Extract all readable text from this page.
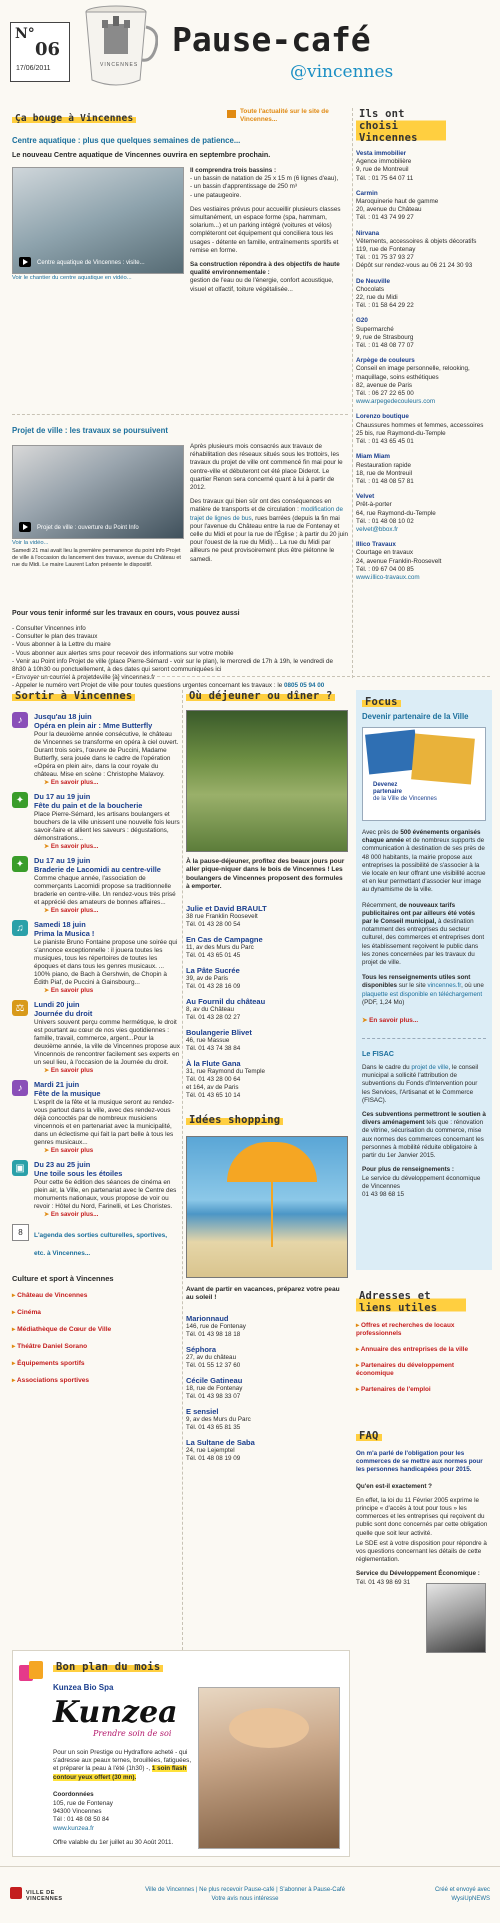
N°
06
17/06/2011	VINCENNES
Pause-café
@vincennes
Ça bouge à Vincennes
Toute l'actualité sur le site de Vincennes...
Centre aquatique : plus que quelques semaines de patience...
Le nouveau Centre aquatique de Vincennes ouvrira en septembre prochain.
Centre aquatique de Vincennes : visite...
Voir le chantier du centre aquatique en vidéo...
Il comprendra trois bassins :
- un bassin de natation de 25 x 15 m (6 lignes d'eau),
- un bassin d'apprentissage de 250 m³
- une pataugeoire.
Des vestiaires prévus pour accueillir plusieurs classes simultanément, un espace forme (spa, hammam, solarium...) et un parking intégré (voitures et vélos) compléteront cet équipement qui conciliera tous les usages - détente en famille, entraînements sportifs et remise en forme.
Sa construction répondra à des objectifs de haute qualité environnementale :
gestion de l'eau ou de l'énergie, confort acoustique, visuel et olfactif, toiture végétalisée...
Projet de ville : les travaux se poursuivent
Projet de ville : ouverture du Point Info
Voir la vidéo...
Samedi 21 mai avait lieu la première permanence du point info Projet de ville à l'occasion du lancement des travaux, avenue du Château et rue du Midi. Le maire Laurent Lafon présente le dispositif.
Après plusieurs mois consacrés aux travaux de réhabilitation des réseaux situés sous les trottoirs, les travaux du projet de ville ont commencé fin mai pour le centre-ville et débuteront cet été place Diderot. Le quartier Renon sera concerné quant à lui à partir de 2012.
Des travaux qui bien sûr ont des conséquences en matière de transports et de circulation : modification de trajet de lignes de bus, rues barrées (depuis la fin mai pour l'avenue du Château entre la rue de Fontenay et celle du Midi et pour la rue de l'Église ; à partir du 20 juin pour l'ouest de la rue du Midi)... La rue du Midi par ailleurs ne peut provisoirement plus être piétonne le samedi.
Pour vous tenir informé sur les travaux en cours, vous pouvez aussi
- Consulter Vincennes info
- Consulter le plan des travaux
- Vous abonner à la Lettre du maire
- Vous abonner aux alertes sms pour recevoir des informations sur votre mobile
- Venir au Point info Projet de ville (place Pierre-Sémard - voir sur le plan), le mercredi de 17h à 19h, le vendredi de 8h30 à 10h30 ou ponctuellement, à des dates qui seront communiquées ici
- Envoyer un courriel à projetdeville [à] vincennes.fr
- Appeler le numéro vert Projet de ville pour toutes questions urgentes concernant les travaux : le 0805 05 94 00
Ils ont choisi Vincennes
Vesta immobilier
Agence immobilière
9, rue de Montreuil
Tél. : 01 75 64 07 11
Carmin
Maroquinerie haut de gamme
20, avenue du Château
Tél. : 01 43 74 99 27
Nirvana
Vêtements, accessoires & objets décoratifs
119, rue de Fontenay
Tél. : 01 75 37 93 27
Dépôt sur rendez-vous au 06 21 24 30 93
De Neuville
Chocolats
22, rue du Midi
Tél. : 01 58 64 29 22
G20
Supermarché
9, rue de Strasbourg
Tél. : 01 48 08 77 07
Arpège de couleurs
Conseil en image personnelle, relooking, maquillage, soins esthétiques
82, avenue de Paris
Tél. : 06 27 22 65 00
www.arpegedecouleurs.com
Lorenzo boutique
Chaussures hommes et femmes, accessoires
25 bis, rue Raymond-du-Temple
Tél. : 01 43 65 45 01
Miam Miam
Restauration rapide
18, rue de Montreuil
Tél. : 01 48 08 57 81
Velvet
Prêt-à-porter
64, rue Raymond-du-Temple
Tél. : 01 48 08 10 02
velvet@bbox.fr
Illico Travaux
Courtage en travaux
24, avenue Franklin-Roosevelt
Tél. : 09 67 04 00 85
www.illico-travaux.com
Sortir à Vincennes
♪	Jusqu'au 18 juin
Opéra en plein air : Mme Butterfly
Pour la deuxième année consécutive, le château de Vincennes se transforme en opéra à ciel ouvert. Durant trois soirs, l'œuvre de Puccini, Madame Butterfly, sera jouée dans le cadre de l'opération «Opéra en plein air», dans la cour royale du château. Mise en scène : Christophe Malavoy.
➤ En savoir plus...
✦	Du 17 au 19 juin
Fête du pain et de la boucherie
Place Pierre-Sémard, les artisans boulangers et bouchers de la ville unissent une nouvelle fois leurs savoir-faire et allient les saveurs : dégustations, démonstrations...
➤ En savoir plus...
✦	Du 17 au 19 juin
Braderie de Lacomidi au centre-ville
Comme chaque année, l'association de commerçants Lacomidi propose sa traditionnelle braderie en centre-ville. Un rendez-vous très prisé et apprécié des amateurs de bonnes affaires...
➤ En savoir plus...
♫	Samedi 18 juin
Prima la Musica !
Le pianiste Bruno Fontaine propose une soirée qui s'annonce exceptionnelle : il jouera toutes les musiques, tous les répertoires de toutes les époques et dans tous les genres musicaux. ... 100% piano, de Bach à Gershwin, de Chopin à Édith Piaf, de Puccini à Gainsbourg...
➤ En savoir plus
⚖	Lundi 20 juin
Journée du droit
Univers souvent perçu comme hermétique, le droit est pourtant au cœur de nos vies quotidiennes : famille, travail, commerce, argent...Pour la deuxième année, la ville de Vincennes propose aux Vincennois de rencontrer facilement ses experts en un seul lieu, à l'occasion de la Journée du droit.
➤ En savoir plus
♪	Mardi 21 juin
Fête de la musique
L'esprit de la fête et la musique seront au rendez-vous partout dans la ville, avec des rendez-vous déjà concoctés par de nombreux musiciens vincennois et en partenariat avec la municipalité, dans un éclectisme qui fait la part belle à tous les genres musicaux...
➤ En savoir plus
▣	Du 23 au 25 juin
Une toile sous les étoiles
Pour cette 6e édition des séances de cinéma en plein air, la Ville, en partenariat avec le Centre des monuments nationaux, vous propose de voir ou revoir : Hôtel du Nord, Farinelli, et Les Choristes.
➤ En savoir plus...
8	L'agenda des sorties culturelles, sportives, etc. à Vincennes...
Culture et sport à Vincennes
▸ Château de Vincennes
▸ Cinéma
▸ Médiathèque de Cœur de Ville
▸ Théâtre Daniel Sorano
▸ Équipements sportifs
▸ Associations sportives
Où déjeuner ou dîner ?
À la pause-déjeuner, profitez des beaux jours pour aller pique-niquer dans le bois de Vincennes ! Les boulangers de Vincennes proposent des formules à emporter.
Julie et David BRAULT
38 rue Franklin Roosevelt
Tél. 01 43 28 00 54
En Cas de Campagne
11, av des Murs du Parc
Tél. 01 43 65 01 45
La Pâte Sucrée
39, av de Paris
Tél. 01 43 28 16 09
Au Fournil du château
8, av du Château
Tél. 01 43 28 02 27
Boulangerie Blivet
46, rue Massue
Tél. 01 43 74 38 84
À la Flute Gana
31, rue Raymond du Temple
Tél. 01 43 28 00 64
et 164, av de Paris
Tél. 01 43 65 10 14
Idées shopping
Avant de partir en vacances, préparez votre peau au soleil !
Marionnaud
146, rue de Fontenay
Tél. 01 43 98 18 18
Séphora
27, av du château
Tél. 01 55 12 37 60
Cécile Gatineau
18, rue de Fontenay
Tél. 01 43 98 33 07
E sensiel
9, av des Murs du Parc
Tél. 01 43 65 81 35
La Sultane de Saba
24, rue Lejemptel
Tél. 01 48 08 19 09
Focus
Devenir partenaire de la Ville
Devenez
partenaire
de la Ville de Vincennes
Avec près de 500 événements organisés chaque année et de nombreux supports de communication à destination de ses près de 48 000 habitants, la mairie propose aux entreprises la possibilité de s'associer à la vie locale en leur offrant une visibilité accrue et en leur permettant d'associer leur image au dynamisme de la ville.
Récemment, de nouveaux tarifs publicitaires ont par ailleurs été votés par le Conseil municipal, à destination notamment des entreprises du secteur culturel, des commerces et entreprises dont les établissement reçoivent le public dans les zones concernées par les travaux du projet de ville.
Tous les renseignements utiles sont disponibles sur le site vincennes.fr, où une plaquette est disponible en téléchargement (PDF, 1,24 Mo)
➤ En savoir plus...
Le FISAC
Dans le cadre du projet de ville, le conseil municipal a sollicité l'attribution de subventions du Fonds d'Intervention pour les Services, l'Artisanat et le Commerce (FISAC).
Ces subventions permettront le soutien à divers aménagement tels que : rénovation de vitrine, sécurisation du commerce, mise aux normes des commerces concernant les personnes à mobilité réduite obligatoire à partir du 1er Janvier 2015.
Pour plus de renseignements :
Le service du développement économique de Vincennes
01 43 98 68 15
Adresses et liens utiles
▸ Offres et recherches de locaux professionnels
▸ Annuaire des entreprises de la ville
▸ Partenaires du développement économique
▸ Partenaires de l'emploi
FAQ
On m'a parlé de l'obligation pour les commerces de se mettre aux normes pour les personnes handicapées pour 2015.
Qu'en est-il exactement ?
En effet, la loi du 11 Février 2005 exprime le principe « d'accès à tout pour tous » les commerces et les entreprises qui reçoivent du public sont donc concernés par cette obligation quelle que soit leur activité.
Le SDE est à votre disposition pour répondre à vos questions concernant les détails de cette réglementation.
Service du Développement Économique :
Tél. 01 43 98 69 31
Bon plan du mois
Kunzea Bio Spa
Kunzea
Prendre soin de soi
Pour un soin Prestige ou Hydraflore acheté - qui s'adresse aux peaux ternes, brouillées, fatiguées, et préparer la peau à l'été (1h30) -, 1 soin flash contour yeux offert (30 mn).
Coordonnées
105, rue de Fontenay
94300 Vincennes
Tél : 01 48 08 50 84
www.kunzea.fr
Offre valable du 1er juillet au 30 Août 2011.
VILLE DE VINCENNES
Ville de Vincennes | Ne plus recevoir Pause-café | S'abonner à Pause-Café
Votre avis nous intéresse
Créé et envoyé avec
WysiUpNEWS
